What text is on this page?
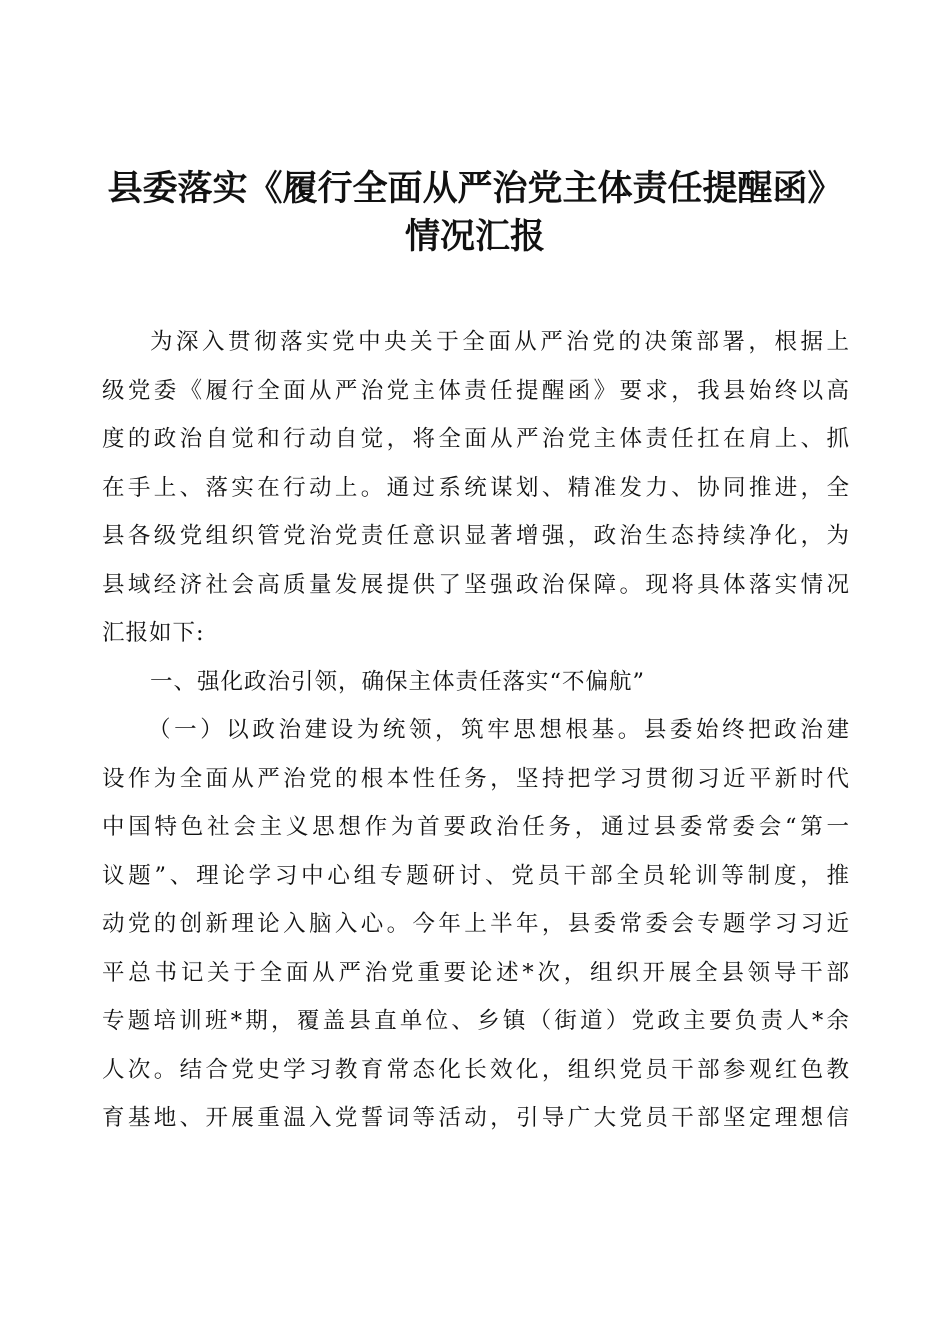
县委落实《履行全面从严治党主体责任提醒函》
情况汇报
为深入贯彻落实党中央关于全面从严治党的决策部署，根据上
级党委《履行全面从严治党主体责任提醒函》要求，我县始终以高
度的政治自觉和行动自觉，将全面从严治党主体责任扛在肩上、抓
在手上、落实在行动上。通过系统谋划、精准发力、协同推进，全
县各级党组织管党治党责任意识显著增强，政治生态持续净化，为
县域经济社会高质量发展提供了坚强政治保障。现将具体落实情况
汇报如下:
一、强化政治引领，确保主体责任落实“不偏航”
（一）以政治建设为统领，筑牢思想根基。县委始终把政治建
设作为全面从严治党的根本性任务，坚持把学习贯彻习近平新时代
中国特色社会主义思想作为首要政治任务，通过县委常委会“第一
议题”、理论学习中心组专题研讨、党员干部全员轮训等制度，推
动党的创新理论入脑入心。今年上半年，县委常委会专题学习习近
平总书记关于全面从严治党重要论述*次，组织开展全县领导干部
专题培训班*期，覆盖县直单位、乡镇（街道）党政主要负责人*余
人次。结合党史学习教育常态化长效化，组织党员干部参观红色教
育基地、开展重温入党誓词等活动，引导广大党员干部坚定理想信
